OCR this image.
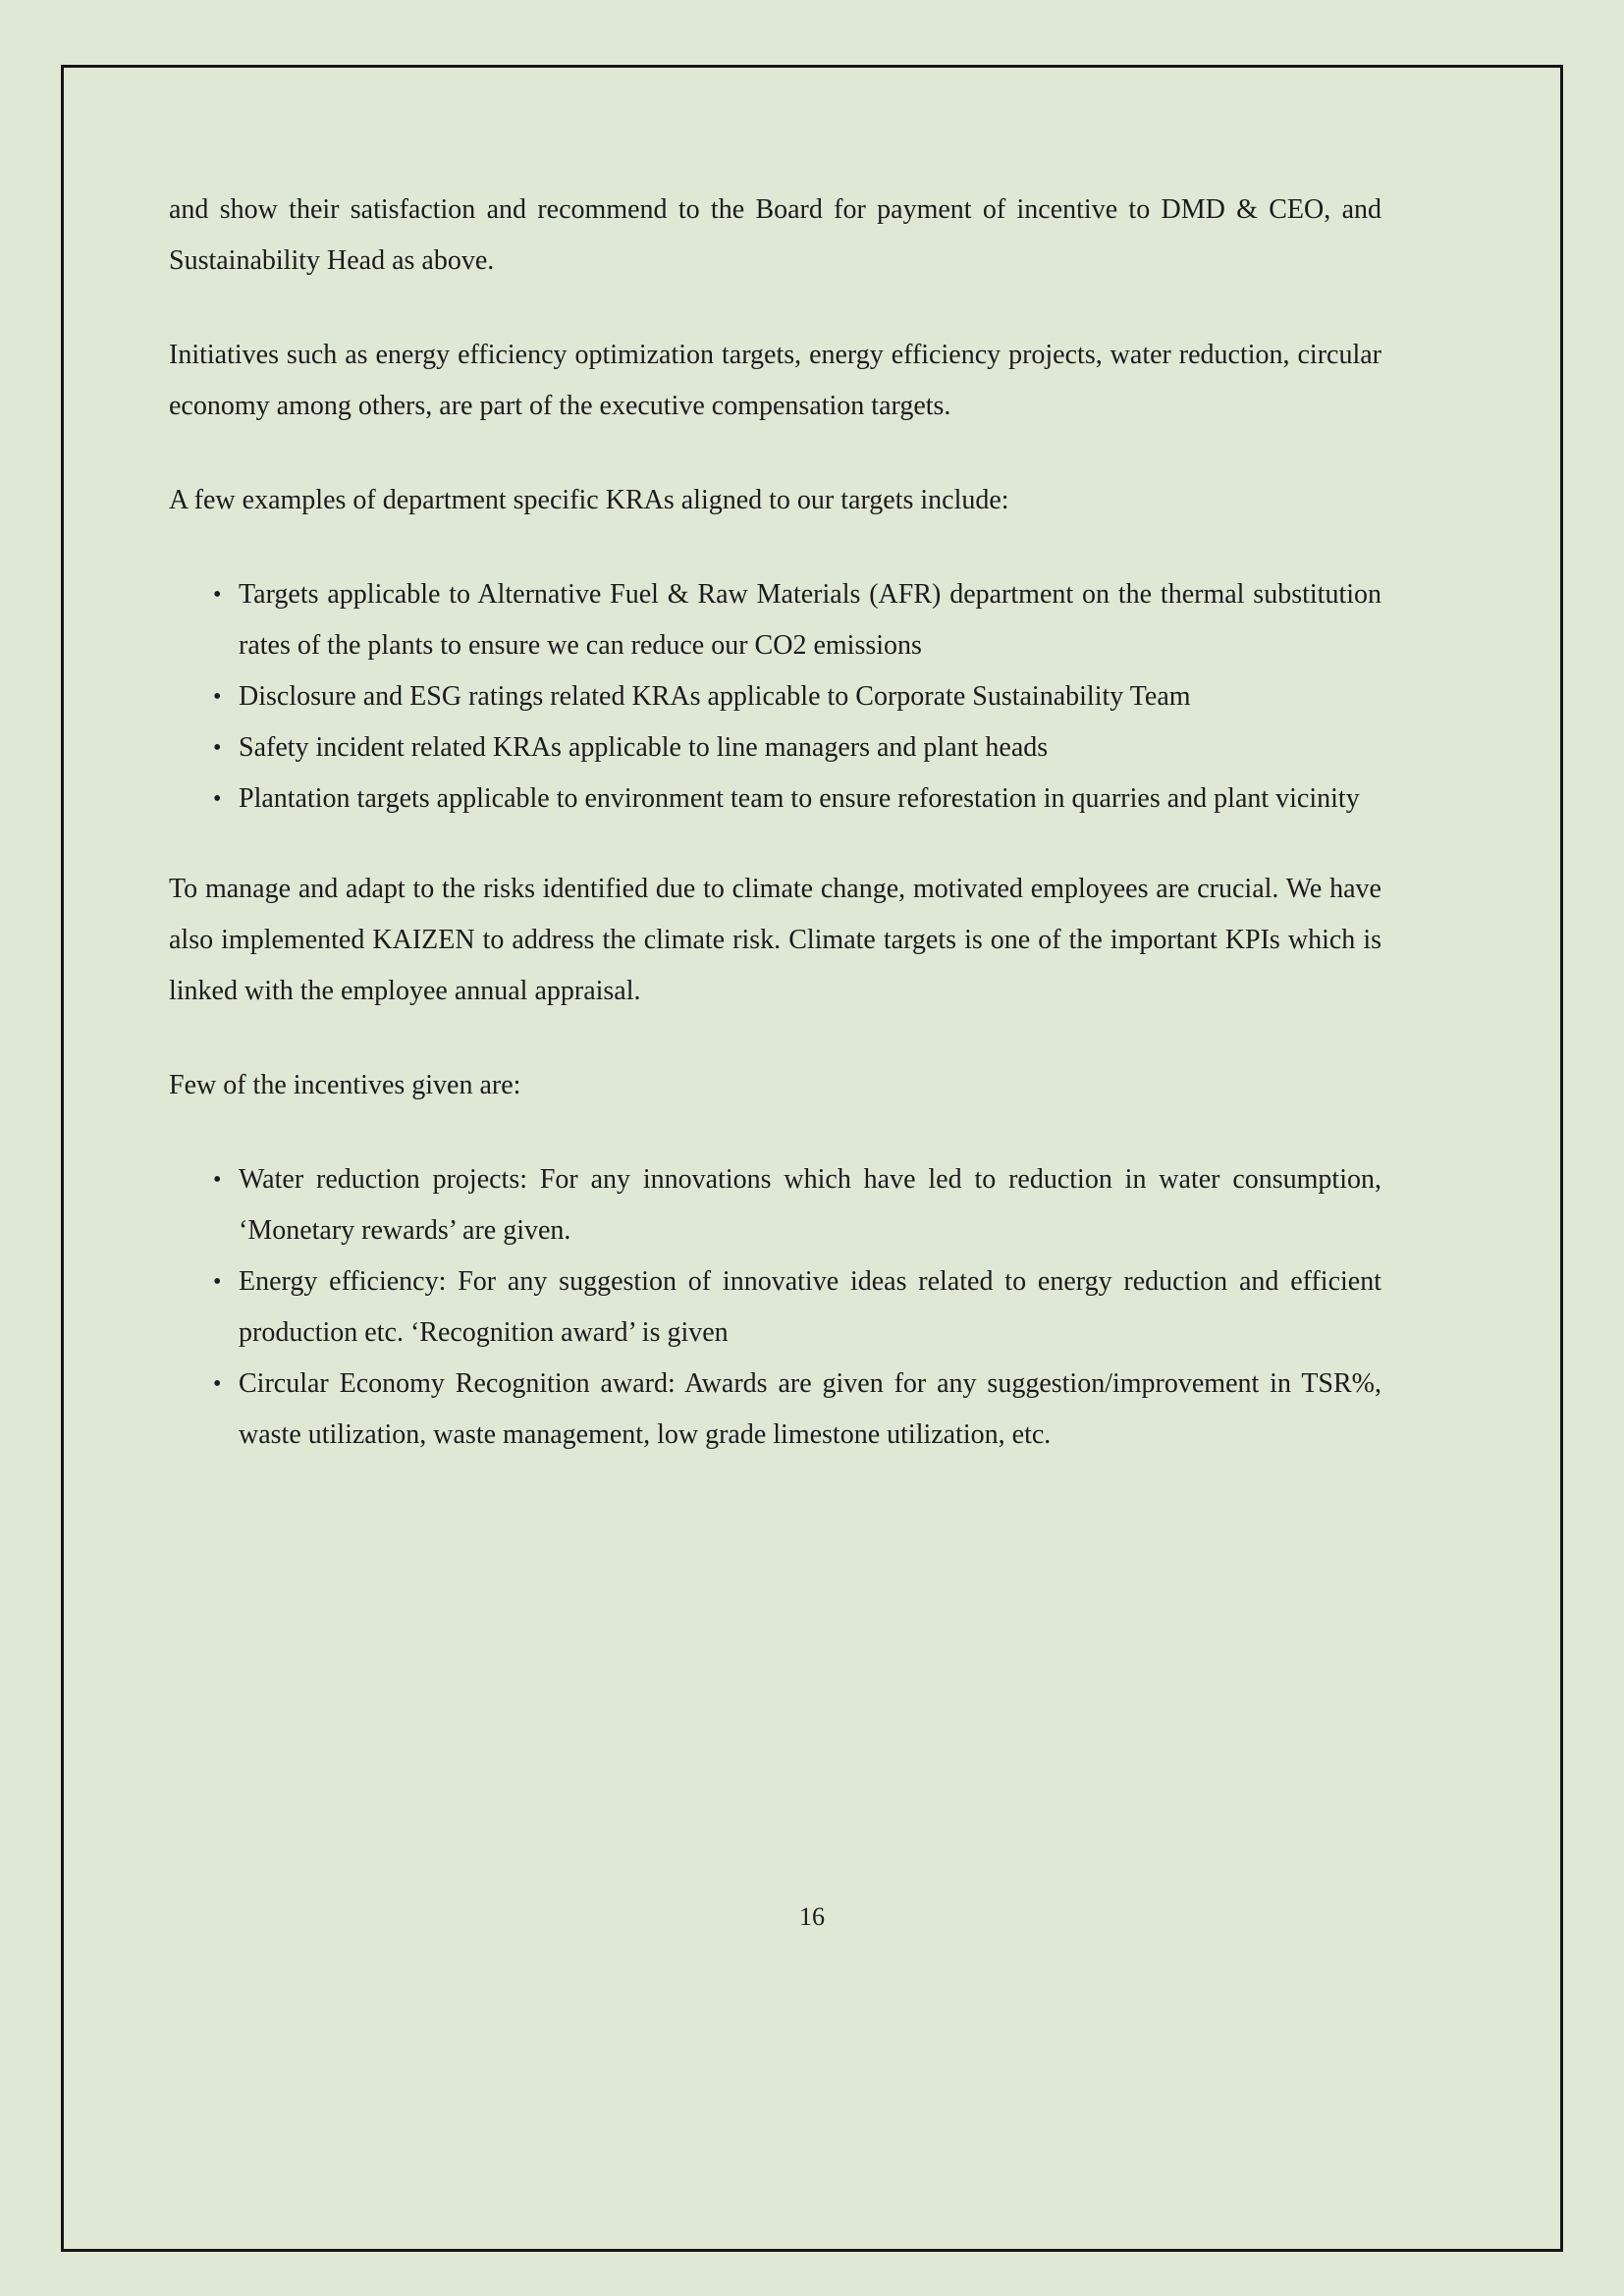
and show their satisfaction and recommend to the Board for payment of incentive to DMD & CEO, and Sustainability Head as above.

Initiatives such as energy efficiency optimization targets, energy efficiency projects, water reduction, circular economy among others, are part of the executive compensation targets.

A few examples of department specific KRAs aligned to our targets include:

• Targets applicable to Alternative Fuel & Raw Materials (AFR) department on the thermal substitution rates of the plants to ensure we can reduce our CO2 emissions
• Disclosure and ESG ratings related KRAs applicable to Corporate Sustainability Team
• Safety incident related KRAs applicable to line managers and plant heads
• Plantation targets applicable to environment team to ensure reforestation in quarries and plant vicinity

To manage and adapt to the risks identified due to climate change, motivated employees are crucial. We have also implemented KAIZEN to address the climate risk. Climate targets is one of the important KPIs which is linked with the employee annual appraisal.

Few of the incentives given are:

• Water reduction projects: For any innovations which have led to reduction in water consumption, ‘Monetary rewards’ are given.
• Energy efficiency: For any suggestion of innovative ideas related to energy reduction and efficient production etc. ‘Recognition award’ is given
• Circular Economy Recognition award: Awards are given for any suggestion/improvement in TSR%, waste utilization, waste management, low grade limestone utilization, etc.
16
